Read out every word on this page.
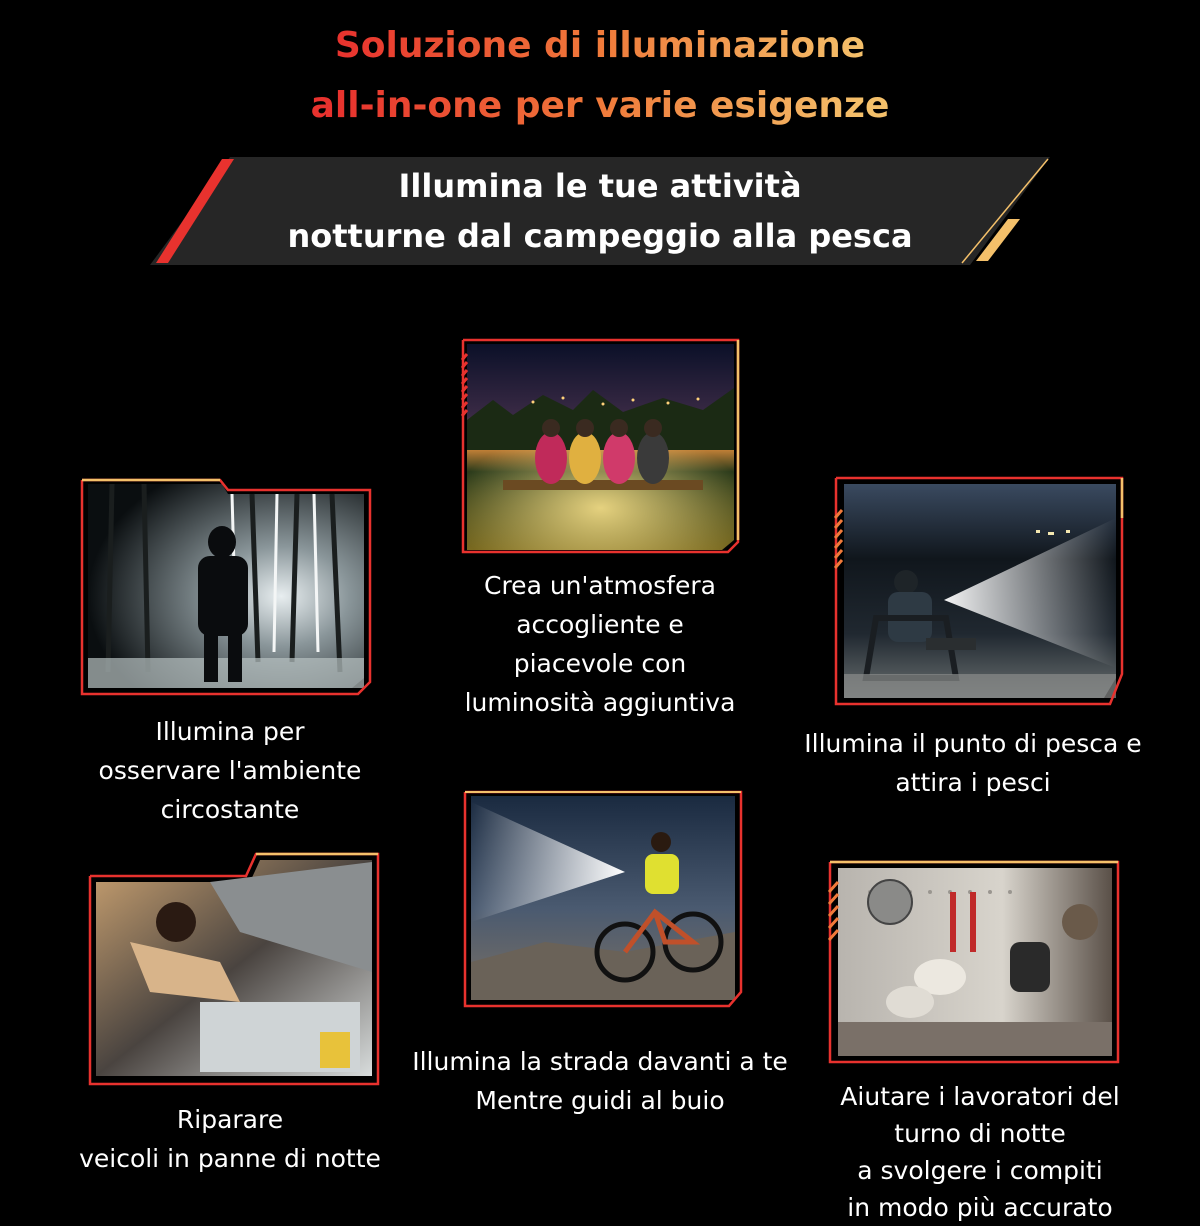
Soluzione di illuminazione
all-in-one per varie esigenze
Illumina le tue attività
notturne dal campeggio alla pesca
Crea un'atmosfera
accogliente e
piacevole con
luminosità aggiuntiva
Illumina per
osservare l'ambiente
circostante
Illumina il punto di pesca e
attira i pesci
Illumina la strada davanti a te
Mentre guidi al buio
Riparare
veicoli in panne di notte
Aiutare i lavoratori del
turno di notte
a svolgere i compiti
in modo più accurato
